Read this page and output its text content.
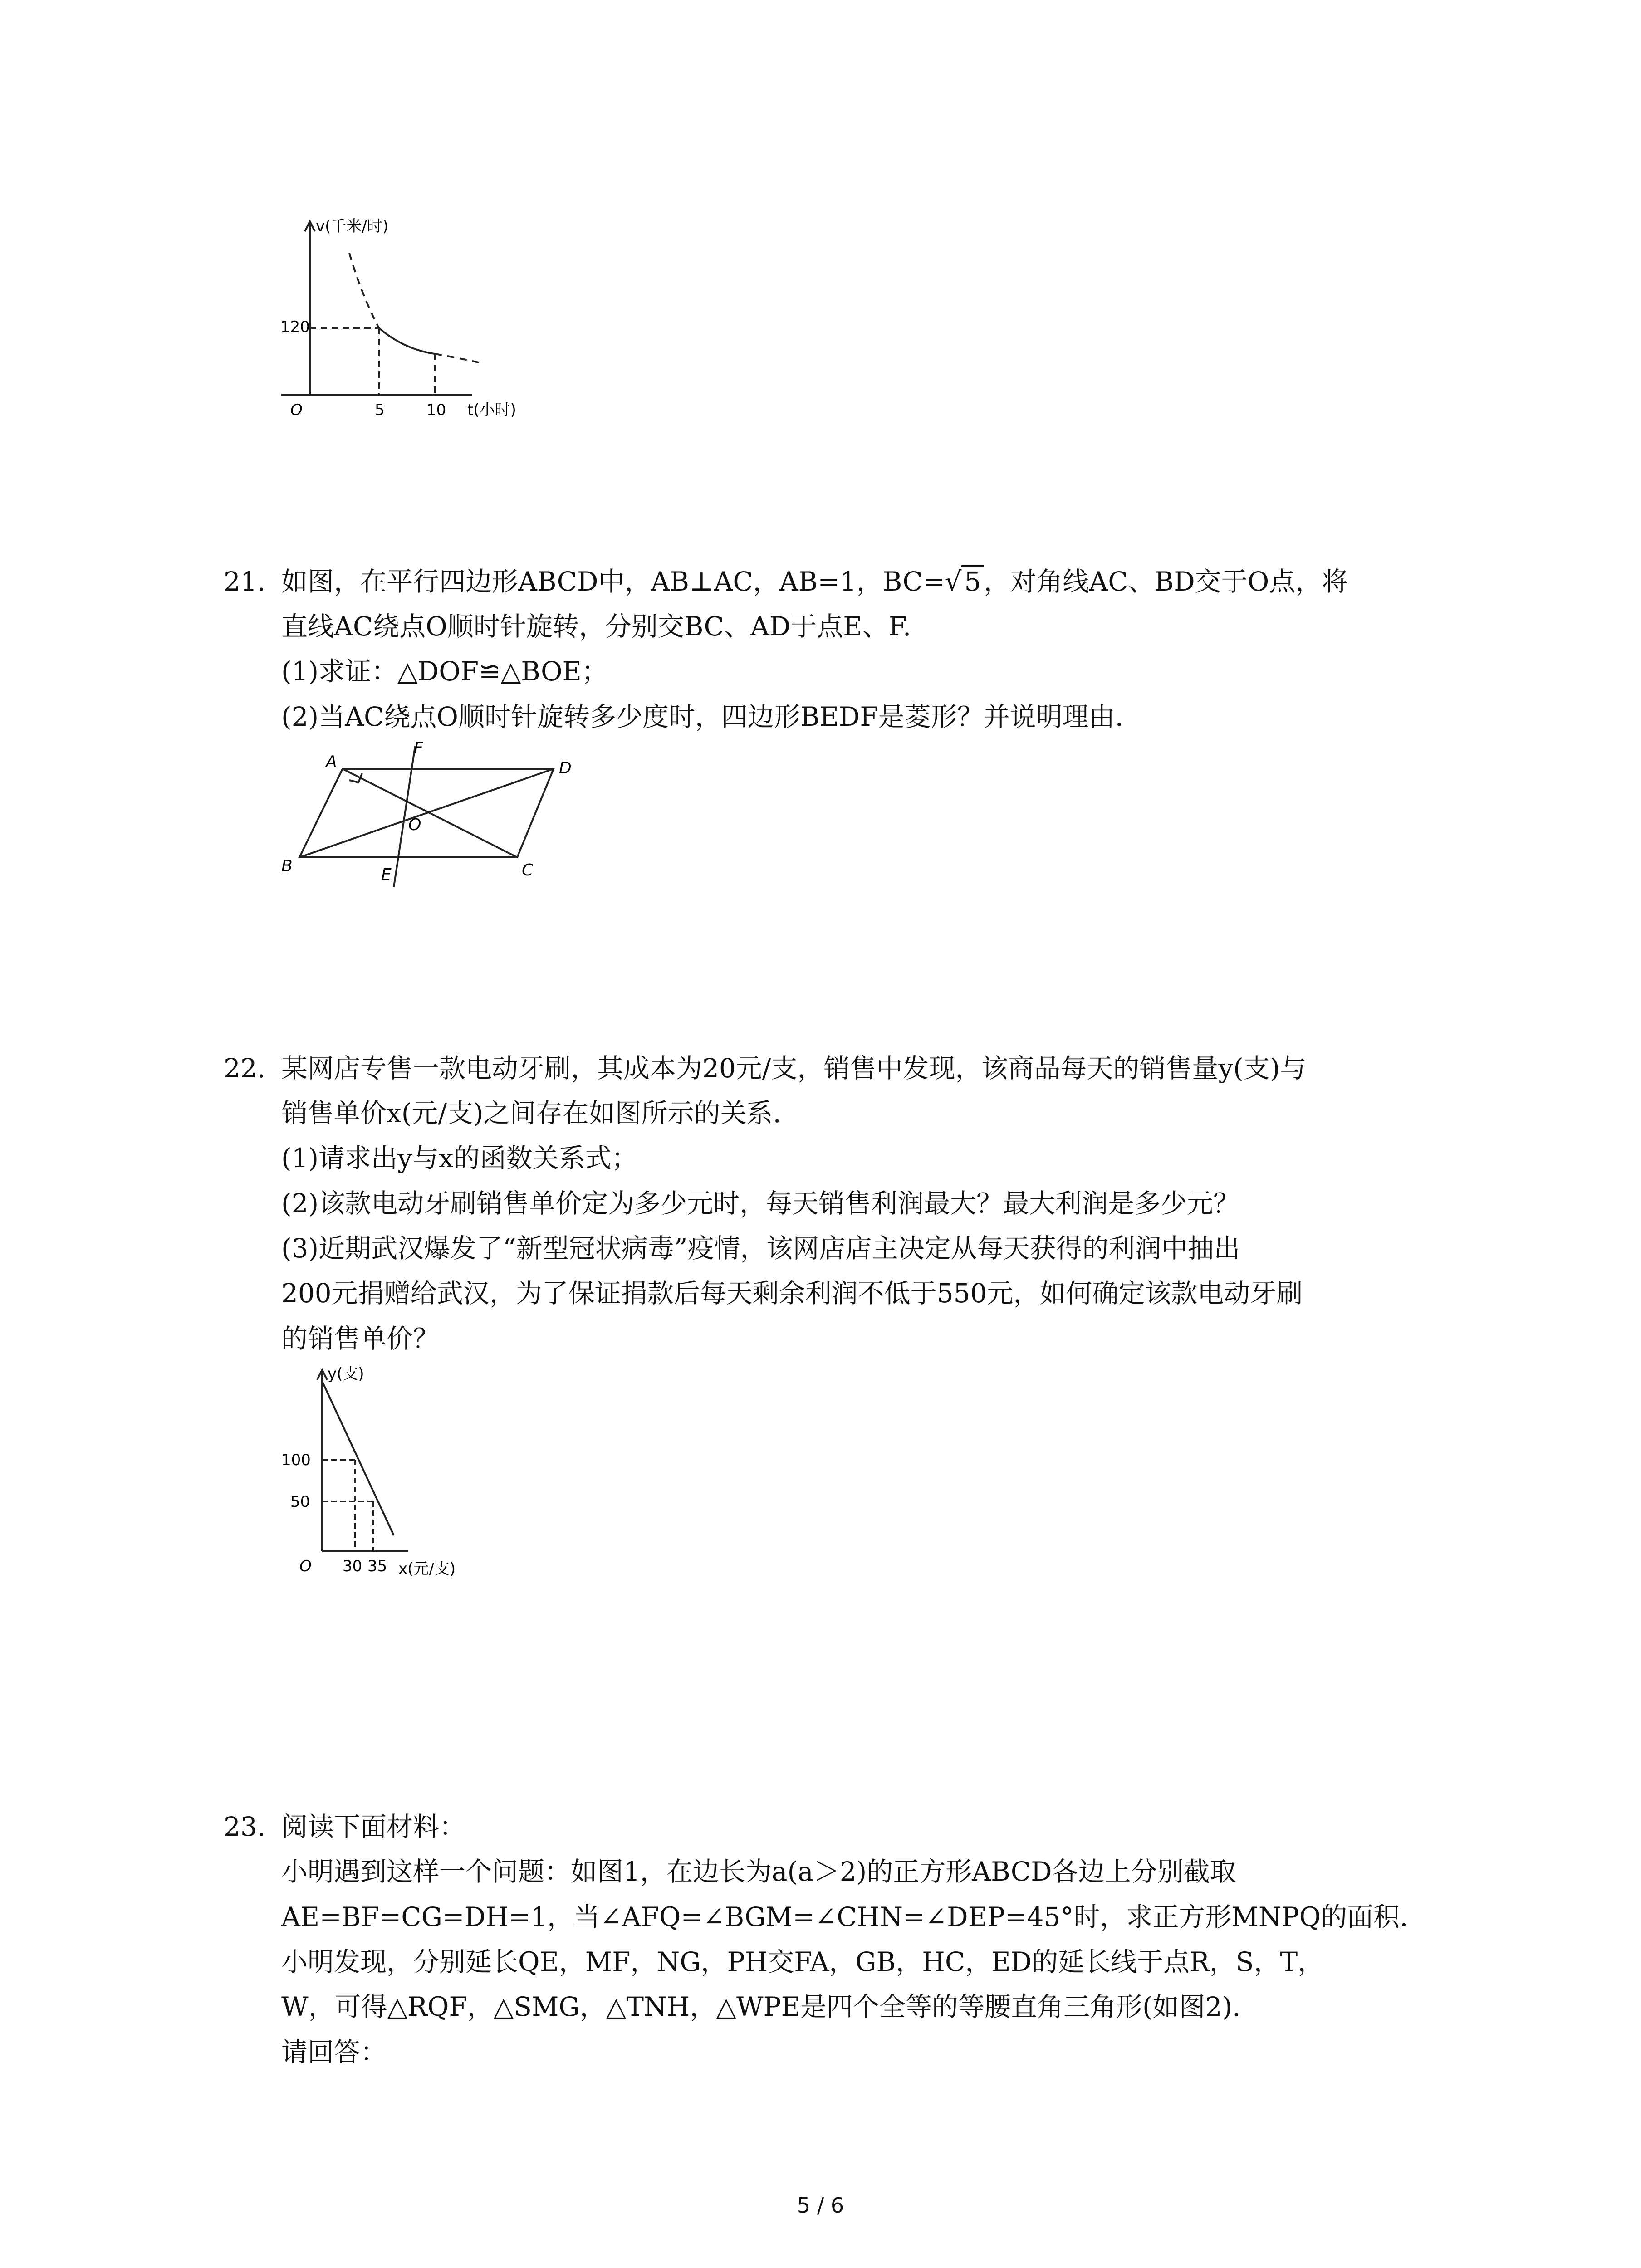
v(千米/时)
120
O	5	10 t(小时)
21. 如图，在平行四边形ABCD中，AB⊥AC，AB=1，BC=√ 5 ，对角线AC、BD交于O点，将
直线AC绕点O顺时针旋转，分别交BC、AD于点E、F.
(1)求证：△DOF≌△BOE；
(2)当AC绕点O顺时针旋转多少度时，四边形BEDF是菱形？并说明理由.
A	D
B	C
F
E
O
22. 某网店专售一款电动牙刷，其成本为20元/支，销售中发现，该商品每天的销售量y(支)与
销售单价x(元/支)之间存在如图所示的关系.
(1)请求出y与x的函数关系式；
(2)该款电动牙刷销售单价定为多少元时，每天销售利润最大？最大利润是多少元？
(3)近期武汉爆发了“新型冠状病毒”疫情，该网店店主决定从每天获得的利润中抽出
200元捐赠给武汉，为了保证捐款后每天剩余利润不低于550元，如何确定该款电动牙刷
的销售单价？
y(支)
100
50
O 30 35 x(元/支)
23. 阅读下面材料：
小明遇到这样一个问题：如图1，在边长为a(a＞2)的正方形ABCD各边上分别截取
AE=BF=CG=DH=1，当∠AFQ=∠BGM=∠CHN=∠DEP=45°时，求正方形MNPQ的面积.
小明发现，分别延长QE，MF，NG，PH交FA，GB，HC，ED的延长线于点R，S，T，
W，可得△RQF，△SMG，△TNH，△WPE是四个全等的等腰直角三角形(如图2).
请回答：
5 / 6
